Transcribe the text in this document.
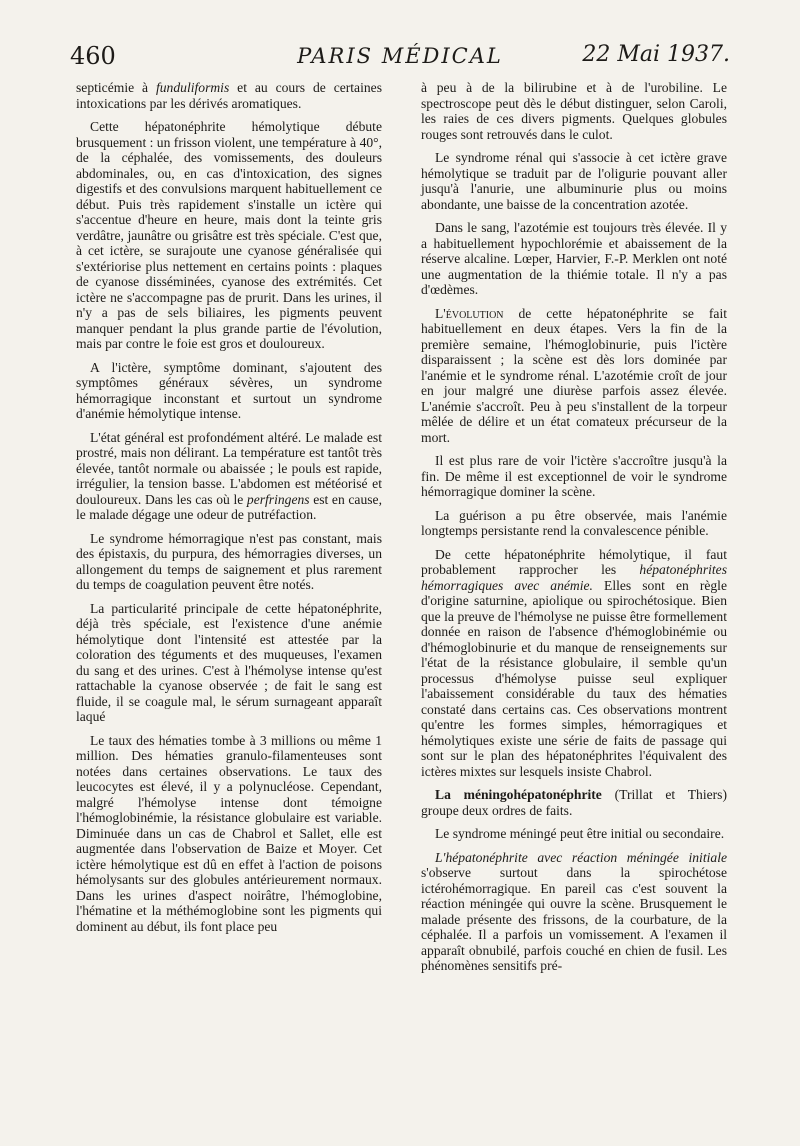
460	PARIS MÉDICAL	22 Mai 1937.

septicémie à funduliformis et au cours de certaines intoxications par les dérivés aromatiques.

Cette hépatonéphrite hémolytique débute brusquement : un frisson violent, une température à 40°, de la céphalée, des vomissements, des douleurs abdominales, ou, en cas d'intoxication, des signes digestifs et des convulsions marquent habituellement ce début. Puis très rapidement s'installe un ictère qui s'accentue d'heure en heure, mais dont la teinte gris verdâtre, jaunâtre ou grisâtre est très spéciale. C'est que, à cet ictère, se surajoute une cyanose généralisée qui s'extériorise plus nettement en certains points : plaques de cyanose disséminées, cyanose des extrémités. Cet ictère ne s'accompagne pas de prurit. Dans les urines, il n'y a pas de sels biliaires, les pigments peuvent manquer pendant la plus grande partie de l'évolution, mais par contre le foie est gros et douloureux.

A l'ictère, symptôme dominant, s'ajoutent des symptômes généraux sévères, un syndrome hémorragique inconstant et surtout un syndrome d'anémie hémolytique intense.

L'état général est profondément altéré. Le malade est prostré, mais non délirant. La température est tantôt très élevée, tantôt normale ou abaissée ; le pouls est rapide, irrégulier, la tension basse. L'abdomen est météorisé et douloureux. Dans les cas où le perfringens est en cause, le malade dégage une odeur de putréfaction.

Le syndrome hémorragique n'est pas constant, mais des épistaxis, du purpura, des hémorragies diverses, un allongement du temps de saignement et plus rarement du temps de coagulation peuvent être notés.

La particularité principale de cette hépatonéphrite, déjà très spéciale, est l'existence d'une anémie hémolytique dont l'intensité est attestée par la coloration des téguments et des muqueuses, l'examen du sang et des urines. C'est à l'hémolyse intense qu'est rattachable la cyanose observée ; de fait le sang est fluide, il se coagule mal, le sérum surnageant apparaît laqué

Le taux des hématies tombe à 3 millions ou même 1 million. Des hématies granulo-filamenteuses sont notées dans certaines observations. Le taux des leucocytes est élevé, il y a polynucléose. Cependant, malgré l'hémolyse intense dont témoigne l'hémoglobinémie, la résistance globulaire est variable. Diminuée dans un cas de Chabrol et Sallet, elle est augmentée dans l'observation de Baize et Moyer. Cet ictère hémolytique est dû en effet à l'action de poisons hémolysants sur des globules antérieurement normaux. Dans les urines d'aspect noirâtre, l'hémoglobine, l'hématine et la méthémoglobine sont les pigments qui dominent au début, ils font place peu

à peu à de la bilirubine et à de l'urobiline. Le spectroscope peut dès le début distinguer, selon Caroli, les raies de ces divers pigments. Quelques globules rouges sont retrouvés dans le culot.

Le syndrome rénal qui s'associe à cet ictère grave hémolytique se traduit par de l'oligurie pouvant aller jusqu'à l'anurie, une albuminurie plus ou moins abondante, une baisse de la concentration azotée.

Dans le sang, l'azotémie est toujours très élevée. Il y a habituellement hypochlorémie et abaissement de la réserve alcaline. Lœper, Harvier, F.-P. Merklen ont noté une augmentation de la thiémie totale. Il n'y a pas d'œdèmes.

L'évolution de cette hépatonéphrite se fait habituellement en deux étapes. Vers la fin de la première semaine, l'hémoglobinurie, puis l'ictère disparaissent ; la scène est dès lors dominée par l'anémie et le syndrome rénal. L'azotémie croît de jour en jour malgré une diurèse parfois assez élevée. L'anémie s'accroît. Peu à peu s'installent de la torpeur mêlée de délire et un état comateux précurseur de la mort.

Il est plus rare de voir l'ictère s'accroître jusqu'à la fin. De même il est exceptionnel de voir le syndrome hémorragique dominer la scène.

La guérison a pu être observée, mais l'anémie longtemps persistante rend la convalescence pénible.

De cette hépatonéphrite hémolytique, il faut probablement rapprocher les hépatonéphrites hémorragiques avec anémie. Elles sont en règle d'origine saturnine, apiolique ou spirochétosique. Bien que la preuve de l'hémolyse ne puisse être formellement donnée en raison de l'absence d'hémoglobinémie ou d'hémoglobinurie et du manque de renseignements sur l'état de la résistance globulaire, il semble qu'un processus d'hémolyse puisse seul expliquer l'abaissement considérable du taux des hématies constaté dans certains cas. Ces observations montrent qu'entre les formes simples, hémorragiques et hémolytiques existe une série de faits de passage qui sont sur le plan des hépatonéphrites l'équivalent des ictères mixtes sur lesquels insiste Chabrol.

La méningohépatonéphrite (Trillat et Thiers) groupe deux ordres de faits.

Le syndrome méningé peut être initial ou secondaire.

L'hépatonéphrite avec réaction méningée initiale s'observe surtout dans la spirochétose ictérohémorragique. En pareil cas c'est souvent la réaction méningée qui ouvre la scène. Brusquement le malade présente des frissons, de la courbature, de la céphalée. Il a parfois un vomissement. A l'examen il apparaît obnubilé, parfois couché en chien de fusil. Les phénomènes sensitifs pré-
